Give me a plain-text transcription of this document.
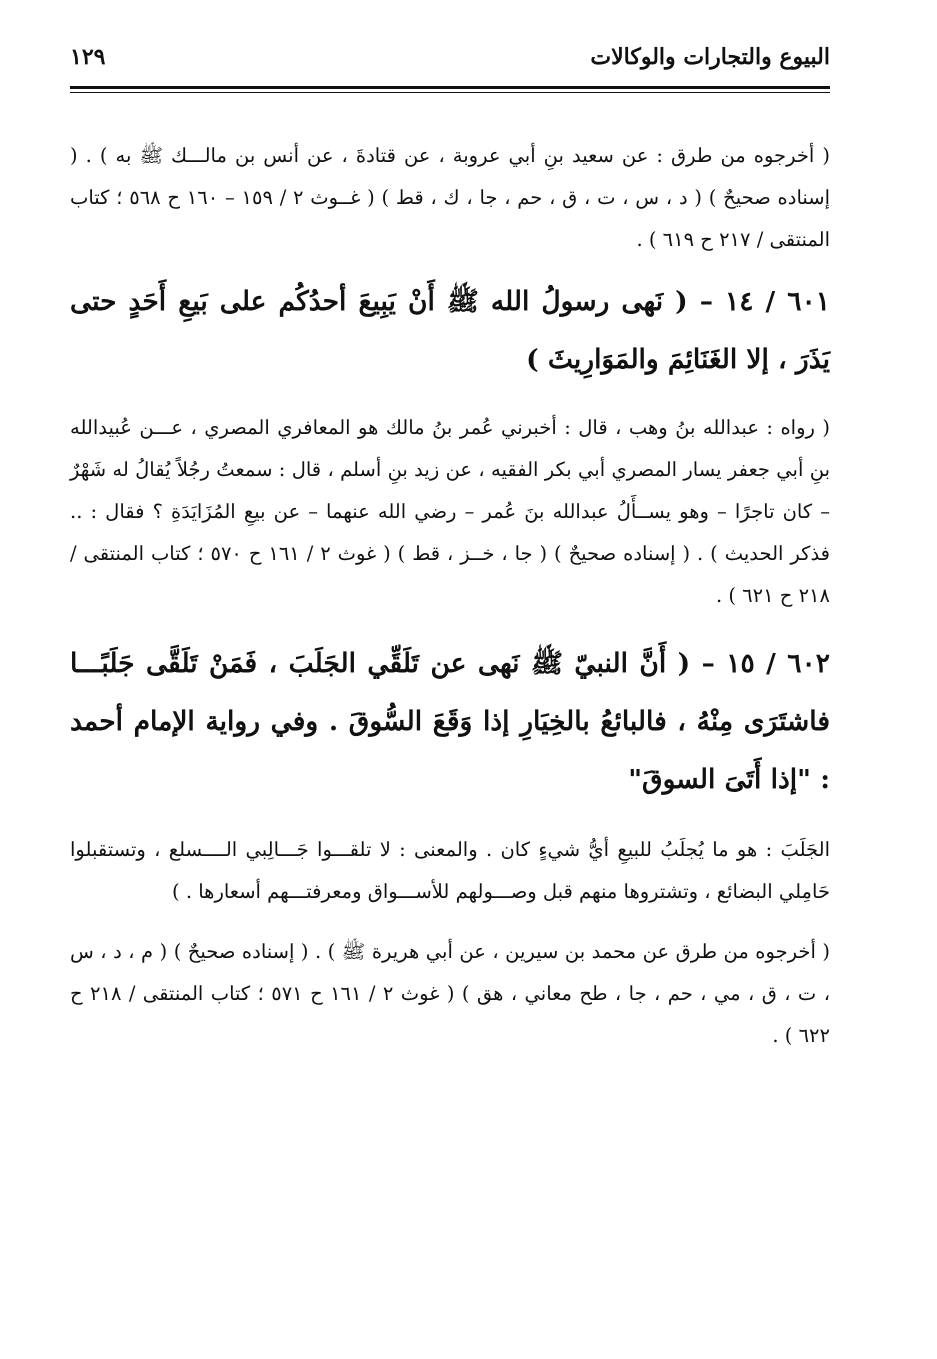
البيوع والتجارات والوكالات
١٢٩
( أخرجوه من طرق : عن سعيد بنِ أبي عروبة ، عن قتادةَ ، عن أنس بن مالـــك ﷺ به ) . ( إسناده صحيحٌ ) ( د ، س ، ت ، ق ، حم ، جا ، ك ، قط ) ( غــوث ٢ / ١٥٩ – ١٦٠ ح ٥٦٨ ؛ كتاب المنتقى / ٢١٧ ح ٦١٩ ) .
٦٠١ / ١٤ – ( نَهى رسولُ الله ﷺ أَنْ يَبِيعَ أحدُكُم على بَيعِ أَحَدٍ حتى يَذَرَ ، إلا الغَنَائِمَ والمَوَارِيثَ )
( رواه : عبدالله بنُ وهب ، قال : أخبرني عُمر بنُ مالك هو المعافري المصري ، عـــن عُبيدالله بنِ أبي جعفر يسار المصري أبي بكر الفقيه ، عن زيد بنِ أسلم ، قال : سمعتُ رجُلاً يُقالُ له شَهْرٌ – كان تاجرًا – وهو يســأَلُ عبدالله بنَ عُمر – رضي الله عنهما – عن بيعِ المُزَايَدَةِ ؟ فقال : .. فذكر الحديث ) . ( إسناده صحيحٌ ) ( جا ، خــز ، قط ) ( غوث ٢ / ١٦١ ح ٥٧٠ ؛ كتاب المنتقى / ٢١٨ ح ٦٢١ ) .
٦٠٢ / ١٥ – ( أَنَّ النبيّ ﷺ نَهى عن تَلَقِّي الجَلَبَ ، فَمَنْ تَلَقَّى جَلَبًـــا فاشتَرَى مِنْهُ ، فالبائعُ بالخِيَارِ إذا وَقَعَ السُّوقَ . وفي رواية الإمام أحمد : "إذا أَتَىَ السوقَ"
الجَلَبَ : هو ما يُجلَبُ للبيعِ أيُّ شيءٍ كان . والمعنى : لا تلقـــوا جَـــالِبي الــــسلع ، وتستقبلوا حَامِلي البضائع ، وتشتروها منهم قبل وصـــولهم للأســـواق ومعرفتـــهم أسعارها . )
( أخرجوه من طرق عن محمد بن سيرين ، عن أبي هريرة ﷺ ) . ( إسناده صحيحٌ ) ( م ، د ، س ، ت ، ق ، مي ، حم ، جا ، طح معاني ، هق ) ( غوث ٢ / ١٦١ ح ٥٧١ ؛ كتاب المنتقى / ٢١٨ ح ٦٢٢ ) .
